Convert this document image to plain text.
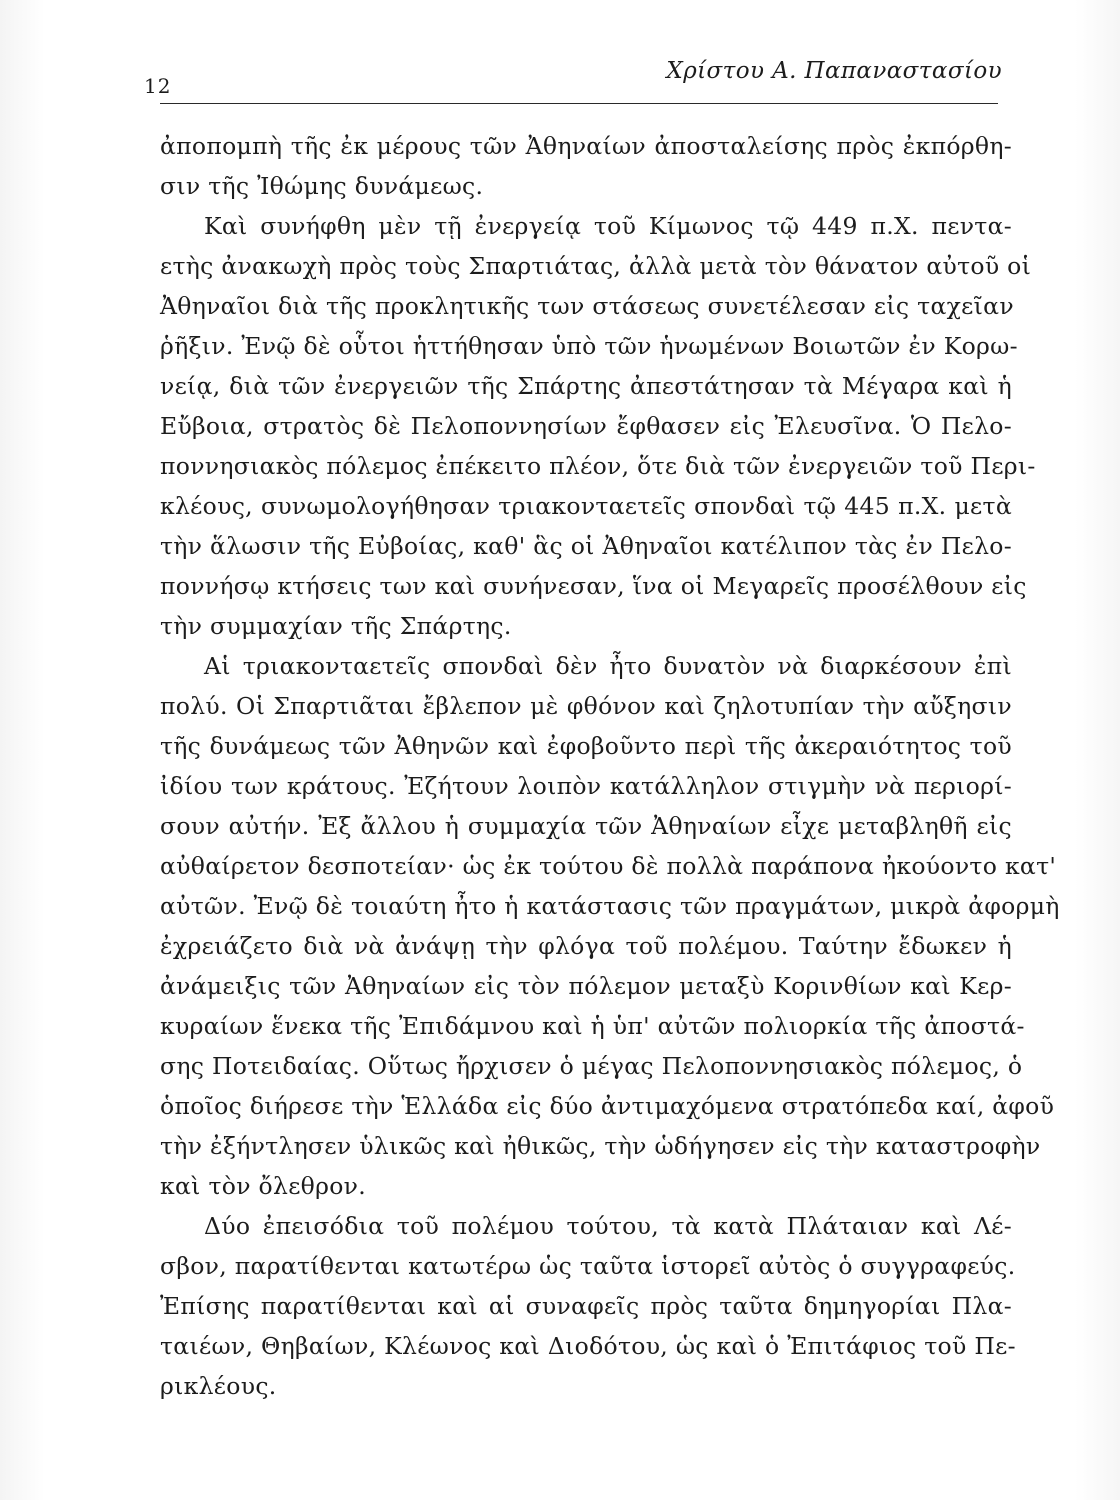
12
Χρίστου Α. Παπαναστασίου
ἀποπομπὴ τῆς ἐκ μέρους τῶν Ἀθηναίων ἀποσταλείσης πρὸς ἐκπόρθη-
σιν τῆς Ἰθώμης δυνάμεως.
Καὶ συνήφθη μὲν τῇ ἐνεργείᾳ τοῦ Κίμωνος τῷ 449 π.Χ. πεντα-
ετὴς ἀνακωχὴ πρὸς τοὺς Σπαρτιάτας, ἀλλὰ μετὰ τὸν θάνατον αὐτοῦ οἱ
Ἀθηναῖοι διὰ τῆς προκλητικῆς των στάσεως συνετέλεσαν εἰς ταχεῖαν
ῥῆξιν. Ἐνῷ δὲ οὗτοι ἡττήθησαν ὑπὸ τῶν ἡνωμένων Βοιωτῶν ἐν Κορω-
νείᾳ, διὰ τῶν ἐνεργειῶν τῆς Σπάρτης ἀπεστάτησαν τὰ Μέγαρα καὶ ἡ
Εὔβοια, στρατὸς δὲ Πελοποννησίων ἔφθασεν εἰς Ἐλευσῖνα. Ὁ Πελο-
ποννησιακὸς πόλεμος ἐπέκειτο πλέον, ὅτε διὰ τῶν ἐνεργειῶν τοῦ Περι-
κλέους, συνωμολογήθησαν τριακονταετεῖς σπονδαὶ τῷ 445 π.Χ. μετὰ
τὴν ἅλωσιν τῆς Εὐβοίας, καθ' ἃς οἱ Ἀθηναῖοι κατέλιπον τὰς ἐν Πελο-
ποννήσῳ κτήσεις των καὶ συνήνεσαν, ἵνα οἱ Μεγαρεῖς προσέλθουν εἰς
τὴν συμμαχίαν τῆς Σπάρτης.
Αἱ τριακονταετεῖς σπονδαὶ δὲν ἦτο δυνατὸν νὰ διαρκέσουν ἐπὶ
πολύ. Οἱ Σπαρτιᾶται ἔβλεπον μὲ φθόνον καὶ ζηλοτυπίαν τὴν αὔξησιν
τῆς δυνάμεως τῶν Ἀθηνῶν καὶ ἐφοβοῦντο περὶ τῆς ἀκεραιότητος τοῦ
ἰδίου των κράτους. Ἐζήτουν λοιπὸν κατάλληλον στιγμὴν νὰ περιορί-
σουν αὐτήν. Ἐξ ἄλλου ἡ συμμαχία τῶν Ἀθηναίων εἶχε μεταβληθῆ εἰς
αὐθαίρετον δεσποτείαν· ὡς ἐκ τούτου δὲ πολλὰ παράπονα ἠκούοντο κατ'
αὐτῶν. Ἐνῷ δὲ τοιαύτη ἦτο ἡ κατάστασις τῶν πραγμάτων, μικρὰ ἀφορμὴ
ἐχρειάζετο διὰ νὰ ἀνάψῃ τὴν φλόγα τοῦ πολέμου. Ταύτην ἔδωκεν ἡ
ἀνάμειξις τῶν Ἀθηναίων εἰς τὸν πόλεμον μεταξὺ Κορινθίων καὶ Κερ-
κυραίων ἕνεκα τῆς Ἐπιδάμνου καὶ ἡ ὑπ' αὐτῶν πολιορκία τῆς ἀποστά-
σης Ποτειδαίας. Οὕτως ἤρχισεν ὁ μέγας Πελοποννησιακὸς πόλεμος, ὁ
ὁποῖος διήρεσε τὴν Ἑλλάδα εἰς δύο ἀντιμαχόμενα στρατόπεδα καί, ἀφοῦ
τὴν ἐξήντλησεν ὑλικῶς καὶ ἠθικῶς, τὴν ὡδήγησεν εἰς τὴν καταστροφὴν
καὶ τὸν ὄλεθρον.
Δύο ἐπεισόδια τοῦ πολέμου τούτου, τὰ κατὰ Πλάταιαν καὶ Λέ-
σβον, παρατίθενται κατωτέρω ὡς ταῦτα ἱστορεῖ αὐτὸς ὁ συγγραφεύς.
Ἐπίσης παρατίθενται καὶ αἱ συναφεῖς πρὸς ταῦτα δημηγορίαι Πλα-
ταιέων, Θηβαίων, Κλέωνος καὶ Διοδότου, ὡς καὶ ὁ Ἐπιτάφιος τοῦ Πε-
ρικλέους.
